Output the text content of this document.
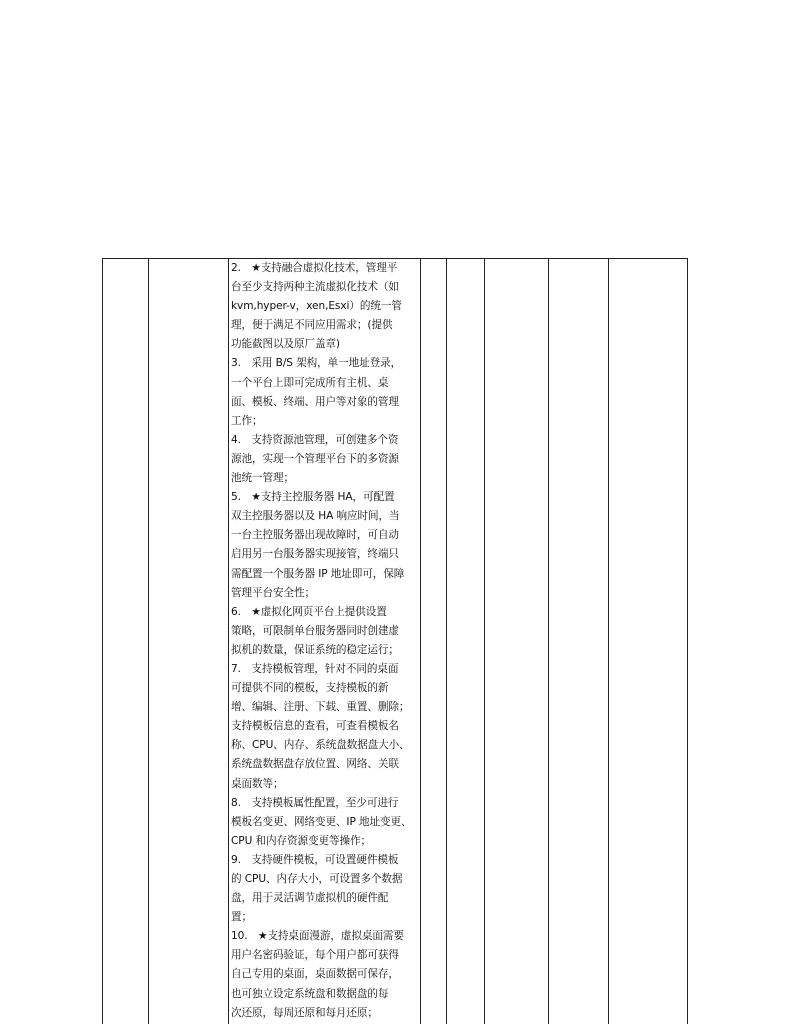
2.　★支持融合虚拟化技术，管理平
台至少支持两种主流虚拟化技术（如
kvm,hyper-v，xen,Esxi）的统一管
理，便于满足不同应用需求；(提供
功能截图以及原厂盖章)
3.　采用 B/S 架构，单一地址登录，
一个平台上即可完成所有主机、桌
面、模板、终端、用户等对象的管理
工作；
4.　支持资源池管理，可创建多个资
源池，实现一个管理平台下的多资源
池统一管理；
5.　★支持主控服务器 HA，可配置
双主控服务器以及 HA 响应时间，当
一台主控服务器出现故障时，可自动
启用另一台服务器实现接管，终端只
需配置一个服务器 IP 地址即可，保障
管理平台安全性；
6.　★虚拟化网页平台上提供设置
策略，可限制单台服务器同时创建虚
拟机的数量，保证系统的稳定运行；
7.　支持模板管理，针对不同的桌面
可提供不同的模板，支持模板的新
增、编辑、注册、下载、重置、删除；
支持模板信息的查看，可查看模板名
称、CPU、内存、系统盘数据盘大小、
系统盘数据盘存放位置、网络、关联
桌面数等；
8.　支持模板属性配置，至少可进行
模板名变更、网络变更、IP 地址变更、
CPU 和内存资源变更等操作；
9.　支持硬件模板，可设置硬件模板
的 CPU、内存大小，可设置多个数据
盘，用于灵活调节虚拟机的硬件配
置；
10.　★支持桌面漫游，虚拟桌面需要
用户名密码验证，每个用户都可获得
自己专用的桌面，桌面数据可保存，
也可独立设定系统盘和数据盘的每
次还原，每周还原和每月还原；
